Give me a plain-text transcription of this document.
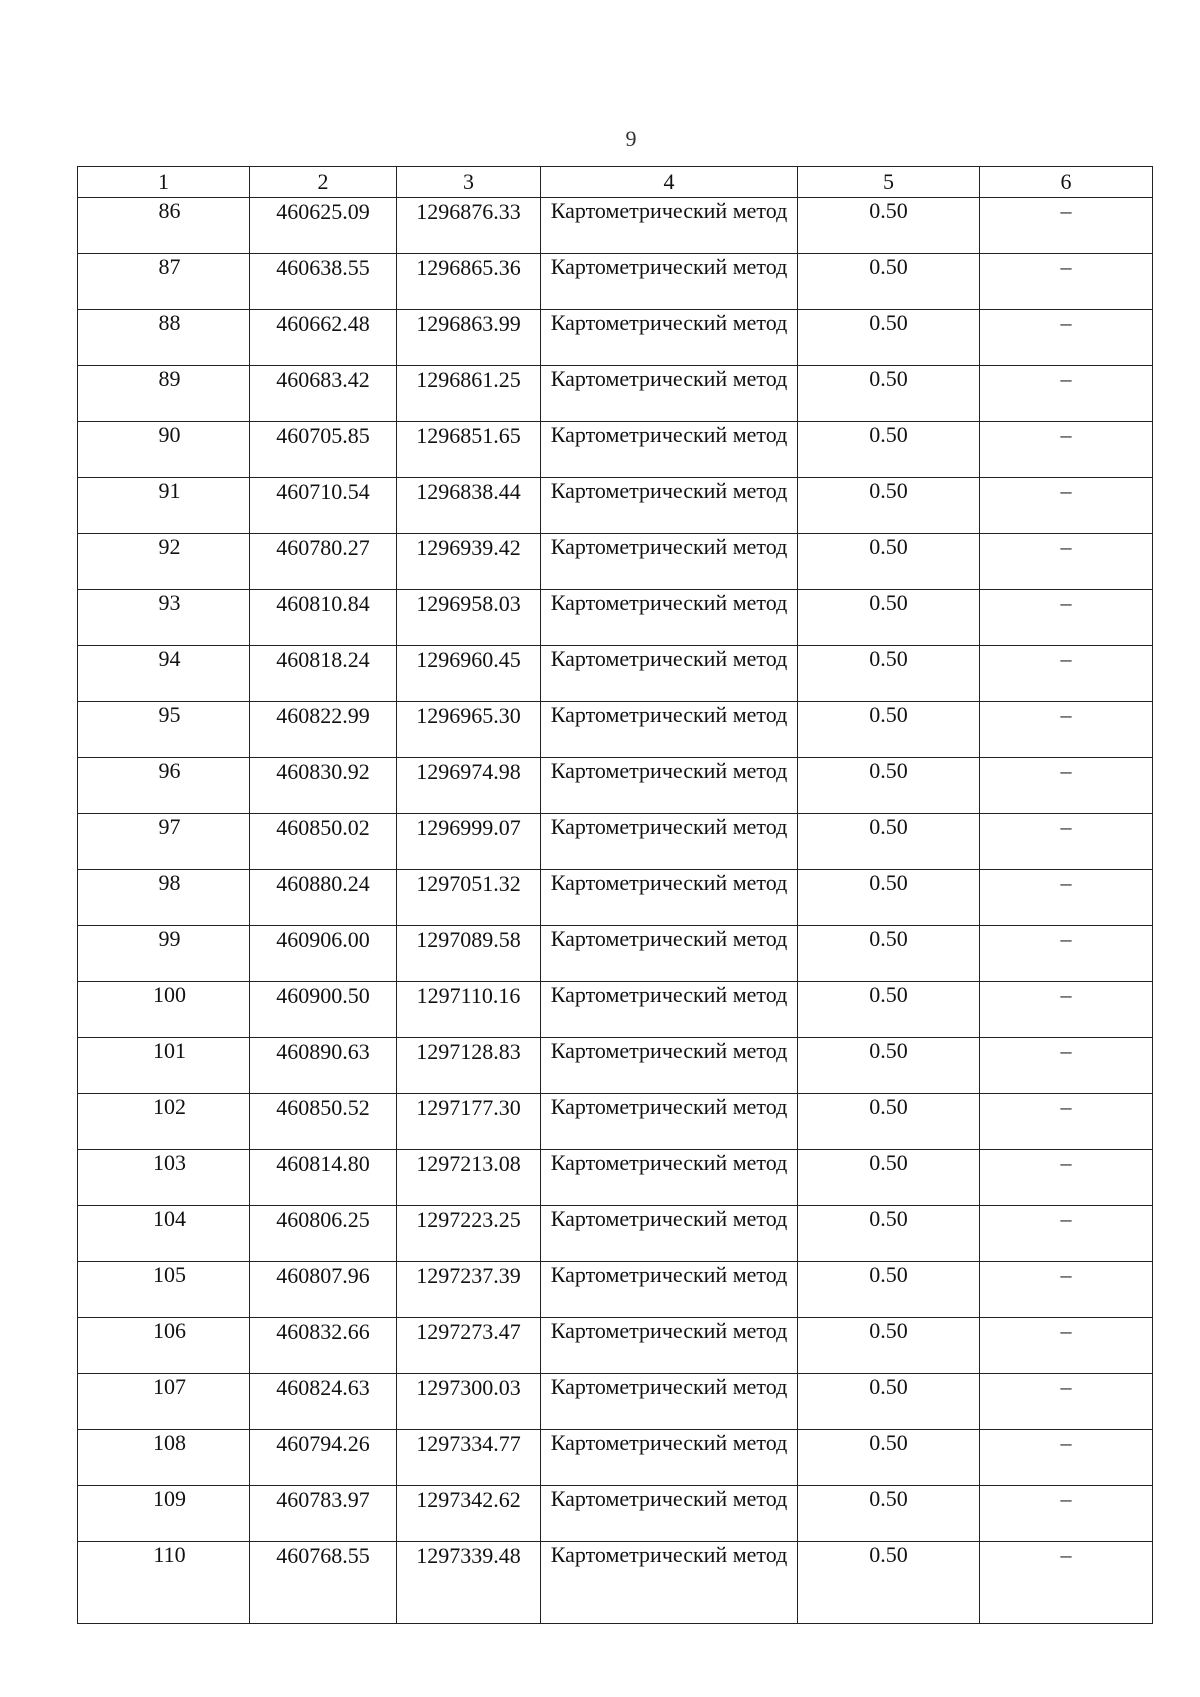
9
1	2	3	4	5	6
86	460625.09	1296876.33	Картометрический метод	0.50	–
87	460638.55	1296865.36	Картометрический метод	0.50	–
88	460662.48	1296863.99	Картометрический метод	0.50	–
89	460683.42	1296861.25	Картометрический метод	0.50	–
90	460705.85	1296851.65	Картометрический метод	0.50	–
91	460710.54	1296838.44	Картометрический метод	0.50	–
92	460780.27	1296939.42	Картометрический метод	0.50	–
93	460810.84	1296958.03	Картометрический метод	0.50	–
94	460818.24	1296960.45	Картометрический метод	0.50	–
95	460822.99	1296965.30	Картометрический метод	0.50	–
96	460830.92	1296974.98	Картометрический метод	0.50	–
97	460850.02	1296999.07	Картометрический метод	0.50	–
98	460880.24	1297051.32	Картометрический метод	0.50	–
99	460906.00	1297089.58	Картометрический метод	0.50	–
100	460900.50	1297110.16	Картометрический метод	0.50	–
101	460890.63	1297128.83	Картометрический метод	0.50	–
102	460850.52	1297177.30	Картометрический метод	0.50	–
103	460814.80	1297213.08	Картометрический метод	0.50	–
104	460806.25	1297223.25	Картометрический метод	0.50	–
105	460807.96	1297237.39	Картометрический метод	0.50	–
106	460832.66	1297273.47	Картометрический метод	0.50	–
107	460824.63	1297300.03	Картометрический метод	0.50	–
108	460794.26	1297334.77	Картометрический метод	0.50	–
109	460783.97	1297342.62	Картометрический метод	0.50	–
110	460768.55	1297339.48	Картометрический метод	0.50	–
